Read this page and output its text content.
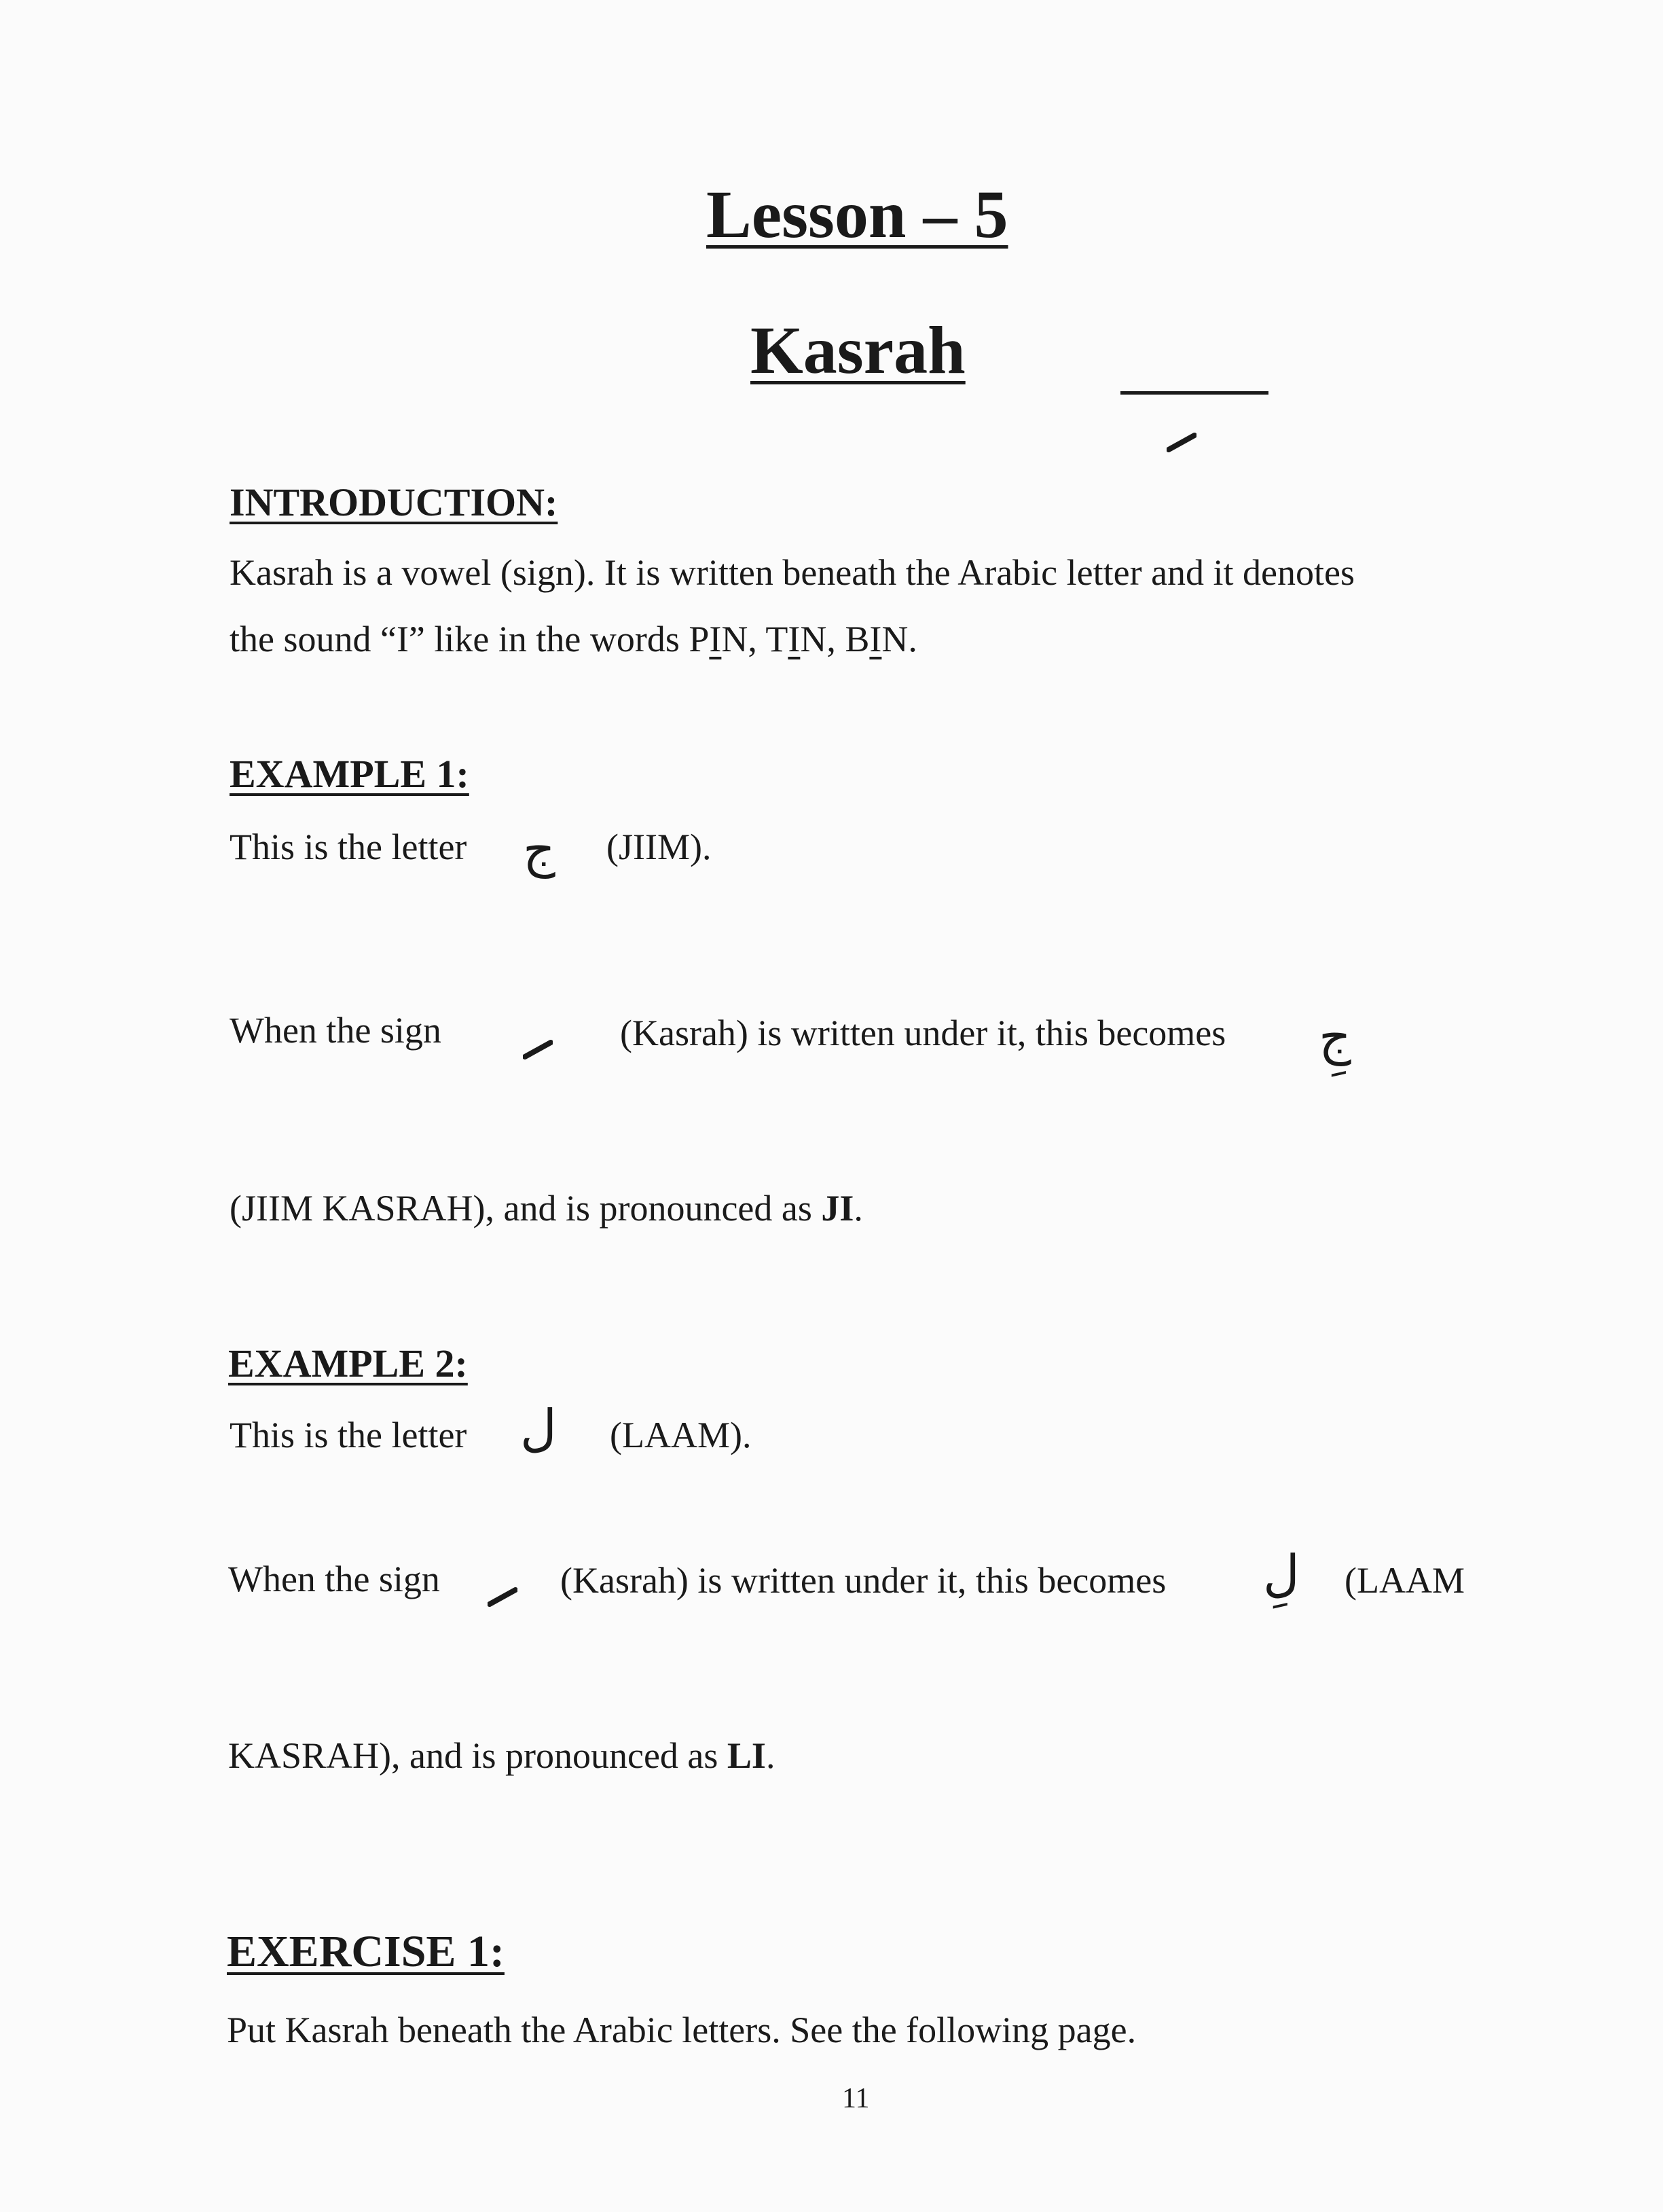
Lesson – 5
Kasrah
INTRODUCTION:
Kasrah is a vowel (sign). It is written beneath the Arabic letter and it denotes
the sound “I” like in the words PIN, TIN, BIN.
EXAMPLE 1:
This is the letter ج (JIIM).
When the sign	(Kasrah) is written under it, this becomes جِ
(JIIM KASRAH), and is pronounced as JI.
EXAMPLE 2:
This is the letter ل (LAAM).
When the sign	(Kasrah) is written under it, this becomes لِ (LAAM
KASRAH), and is pronounced as LI.
EXERCISE 1:
Put Kasrah beneath the Arabic letters. See the following page.
11
